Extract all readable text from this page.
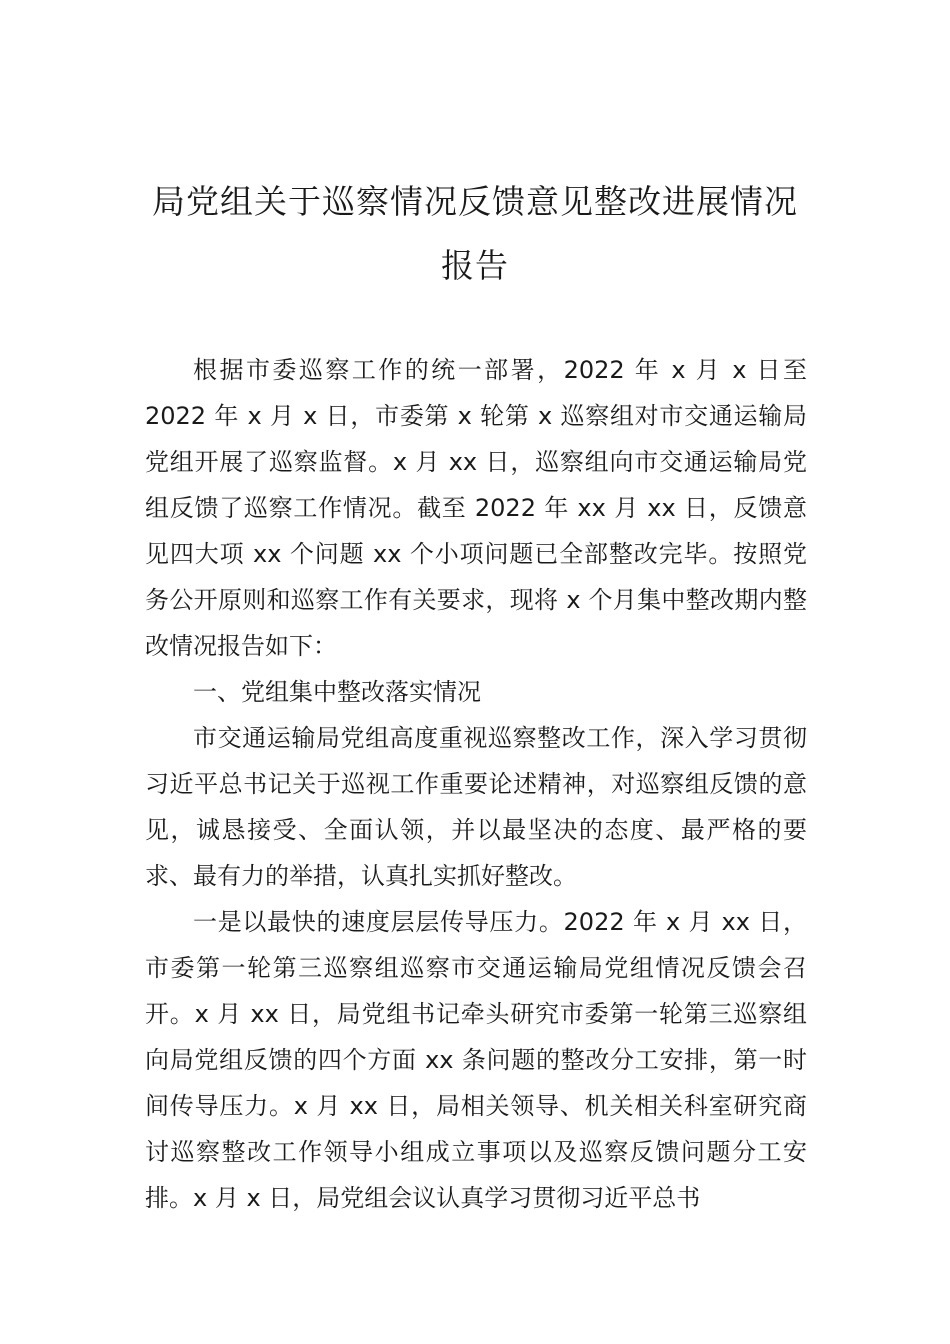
局党组关于巡察情况反馈意见整改进展情况报告

根据市委巡察工作的统一部署，2022 年 x 月 x 日至 2022 年 x 月 x 日，市委第 x 轮第 x 巡察组对市交通运输局党组开展了巡察监督。x 月 xx 日，巡察组向市交通运输局党组反馈了巡察工作情况。截至 2022 年 xx 月 xx 日，反馈意见四大项 xx 个问题 xx 个小项问题已全部整改完毕。按照党务公开原则和巡察工作有关要求，现将 x 个月集中整改期内整改情况报告如下：

一、党组集中整改落实情况

市交通运输局党组高度重视巡察整改工作，深入学习贯彻习近平总书记关于巡视工作重要论述精神，对巡察组反馈的意见，诚恳接受、全面认领，并以最坚决的态度、最严格的要求、最有力的举措，认真扎实抓好整改。

一是以最快的速度层层传导压力。2022 年 x 月 xx 日，市委第一轮第三巡察组巡察市交通运输局党组情况反馈会召开。x 月 xx 日，局党组书记牵头研究市委第一轮第三巡察组向局党组反馈的四个方面 xx 条问题的整改分工安排，第一时间传导压力。x 月 xx 日，局相关领导、机关相关科室研究商讨巡察整改工作领导小组成立事项以及巡察反馈问题分工安排。x 月 x 日，局党组会议认真学习贯彻习近平总书
